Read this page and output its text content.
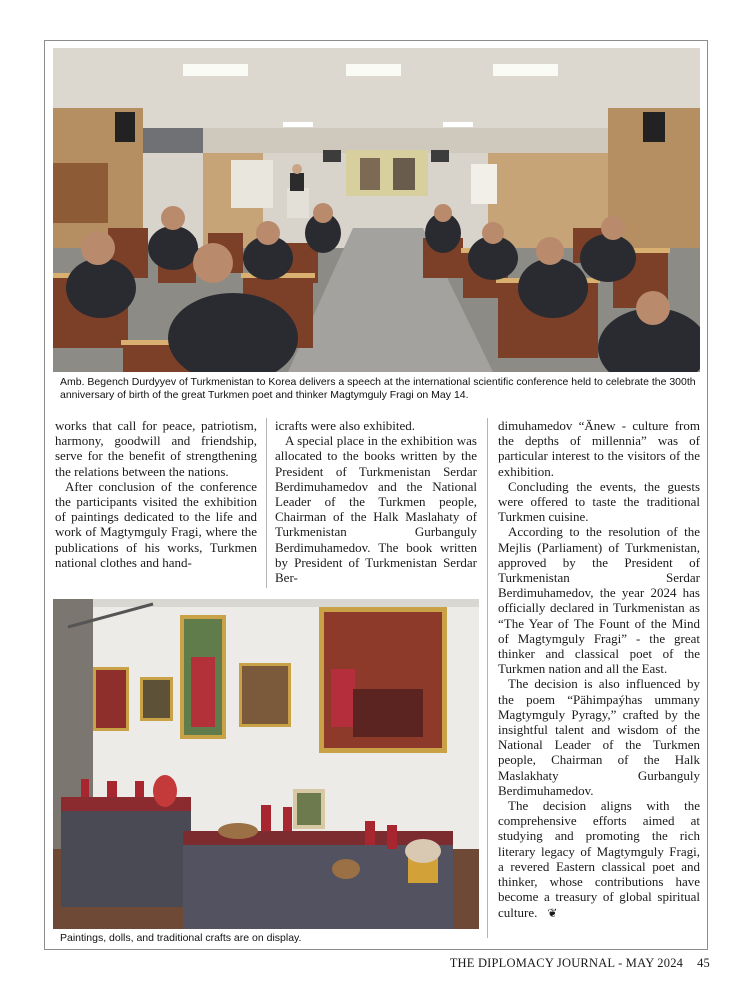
Amb. Begench Durdyyev of Turkmenistan to Korea delivers a speech at the international scientific conference held to celebrate the 300th anniversary of birth of the great Turkmen poet and thinker Magtymguly Fragi on May 14.

works that call for peace, patriotism, harmony, goodwill and friendship, serve for the benefit of strengthening the relations between the nations.

After conclusion of the conference the participants visited the exhibition of paintings dedicated to the life and work of Magtymguly Fragi, where the publications of his works, Turkmen national clothes and hand-

icrafts were also exhibited.

A special place in the exhibition was allocated to the books written by the President of Turkmenistan Serdar Berdimuhamedov and the National Leader of the Turkmen people, Chairman of the Halk Maslahaty of Turkmenistan Gurbanguly Berdimuhamedov. The book written by President of Turkmenistan Serdar Ber-

dimuhamedov “Änew - culture from the depths of millennia” was of particular interest to the visitors of the exhibition.

Concluding the events, the guests were offered to taste the traditional Turkmen cuisine.

According to the resolution of the Mejlis (Parliament) of Turkmenistan, approved by the President of Turkmenistan Serdar Berdimuhamedov, the year 2024 has officially declared in Turkmenistan as “The Year of The Fount of the Mind of Magtymguly Fragi” - the great thinker and classical poet of the Turkmen nation and all the East.

The decision is also influenced by the poem “Pähimpaýhas ummany Magtymguly Pyragy,” crafted by the insightful talent and wisdom of the National Leader of the Turkmen people, Chairman of the Halk Maslakhaty Gurbanguly Berdimuhamedov.

The decision aligns with the comprehensive efforts aimed at studying and promoting the rich literary legacy of Magtymguly Fragi, a revered Eastern classical poet and thinker, whose contributions have become a treasury of global spiritual culture. ❦

Paintings, dolls, and traditional crafts are on display.
THE DIPLOMACY JOURNAL - MAY 2024 45
